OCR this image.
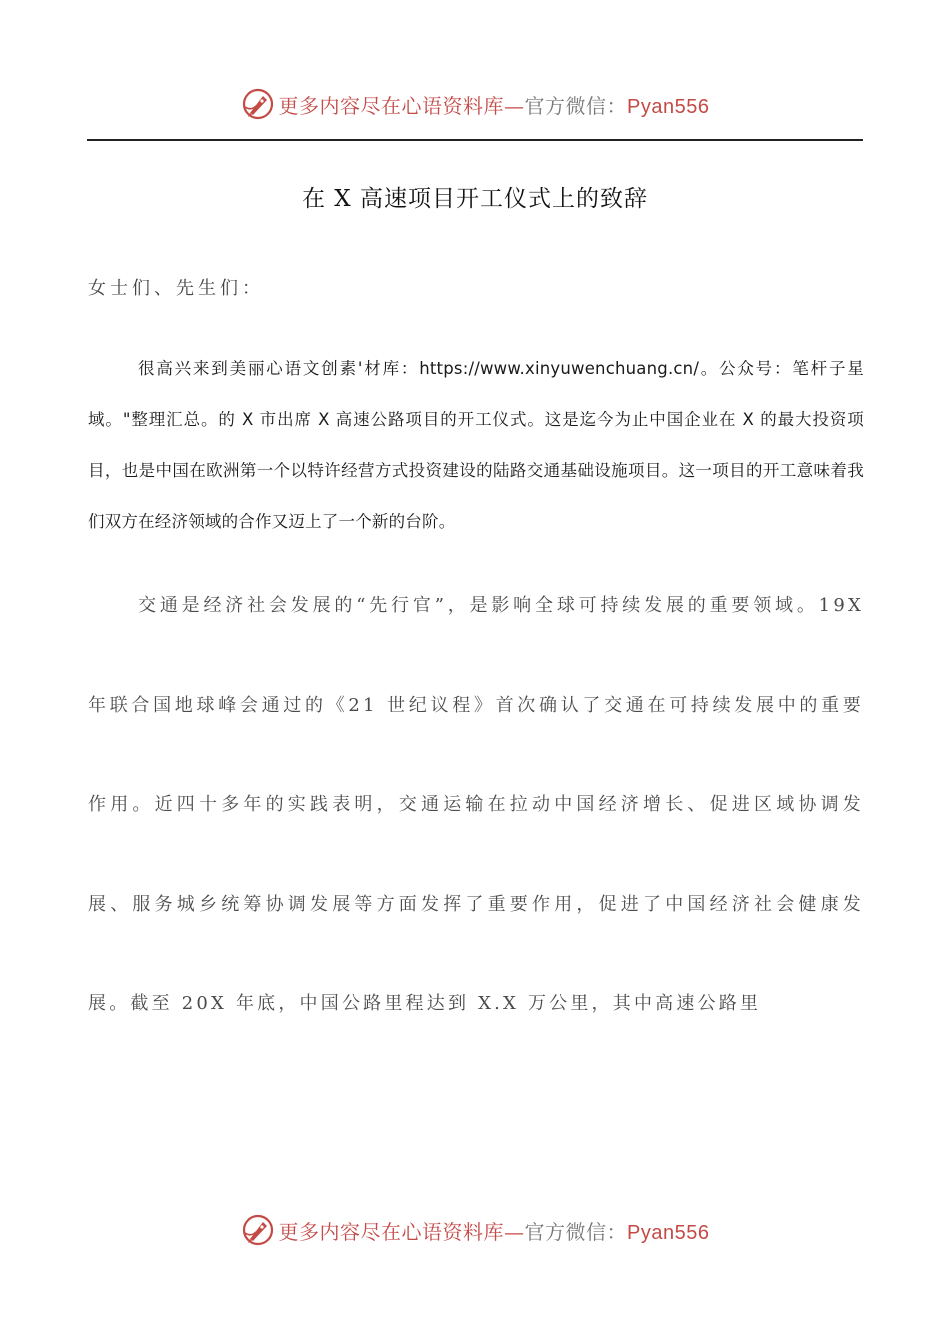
更多内容尽在心语资料库—官方微信：Pyan556
在 X 高速项目开工仪式上的致辞

女士们、先生们：

很高兴来到美丽心语文创素'材库：https://www.xinyuwenchuang.cn/。公众号：笔杆子星域。"整理汇总。的 X 市出席 X 高速公路项目的开工仪式。这是迄今为止中国企业在 X 的最大投资项目，也是中国在欧洲第一个以特许经营方式投资建设的陆路交通基础设施项目。这一项目的开工意味着我们双方在经济领域的合作又迈上了一个新的台阶。

交通是经济社会发展的“先行官”，是影响全球可持续发展的重要领域。19X 年联合国地球峰会通过的《21 世纪议程》首次确认了交通在可持续发展中的重要作用。近四十多年的实践表明，交通运输在拉动中国经济增长、促进区域协调发展、服务城乡统筹协调发展等方面发挥了重要作用，促进了中国经济社会健康发展。截至 20X 年底，中国公路里程达到 X.X 万公里，其中高速公路里

更多内容尽在心语资料库—官方微信：Pyan556
